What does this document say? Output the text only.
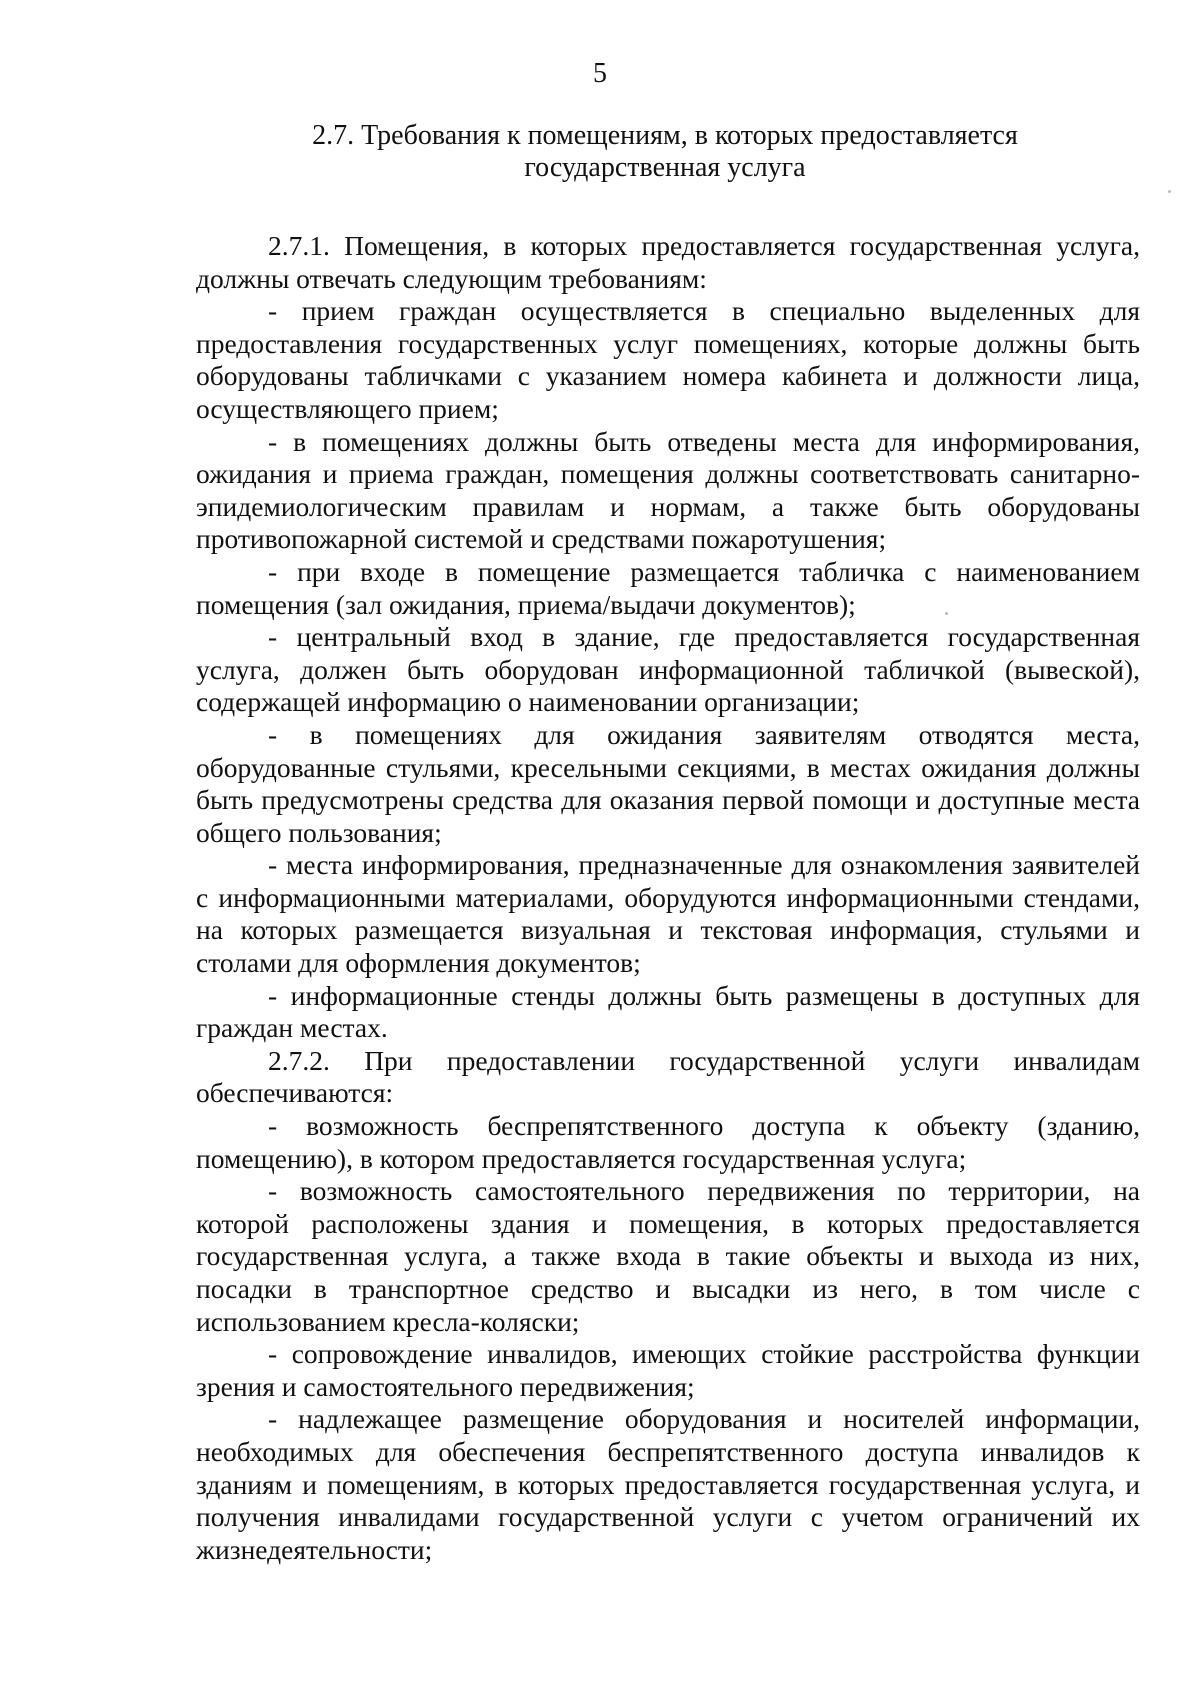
5
2.7. Требования к помещениям, в которых предоставляется
государственная услуга

2.7.1. Помещения, в которых предоставляется государственная услуга, должны отвечать следующим требованиям:

- прием граждан осуществляется в специально выделенных для предоставления государственных услуг помещениях, которые должны быть оборудованы табличками с указанием номера кабинета и должности лица, осуществляющего прием;

- в помещениях должны быть отведены места для информирования, ожидания и приема граждан, помещения должны соответствовать санитарно-эпидемиологическим правилам и нормам, а также быть оборудованы противопожарной системой и средствами пожаротушения;

- при входе в помещение размещается табличка с наименованием помещения (зал ожидания, приема/выдачи документов);

- центральный вход в здание, где предоставляется государственная услуга, должен быть оборудован информационной табличкой (вывеской), содержащей информацию о наименовании организации;

- в помещениях для ожидания заявителям отводятся места, оборудованные стульями, кресельными секциями, в местах ожидания должны быть предусмотрены средства для оказания первой помощи и доступные места общего пользования;

- места информирования, предназначенные для ознакомления заявителей с информационными материалами, оборудуются информационными стендами, на которых размещается визуальная и текстовая информация, стульями и столами для оформления документов;

- информационные стенды должны быть размещены в доступных для граждан местах.

2.7.2. При предоставлении государственной услуги инвалидам обеспечиваются:

- возможность беспрепятственного доступа к объекту (зданию, помещению), в котором предоставляется государственная услуга;

- возможность самостоятельного передвижения по территории, на которой расположены здания и помещения, в которых предоставляется государственная услуга, а также входа в такие объекты и выхода из них, посадки в транспортное средство и высадки из него, в том числе с использованием кресла-коляски;

- сопровождение инвалидов, имеющих стойкие расстройства функции зрения и самостоятельного передвижения;

- надлежащее размещение оборудования и носителей информации, необходимых для обеспечения беспрепятственного доступа инвалидов к зданиям и помещениям, в которых предоставляется государственная услуга, и получения инвалидами государственной услуги с учетом ограничений их жизнедеятельности;
